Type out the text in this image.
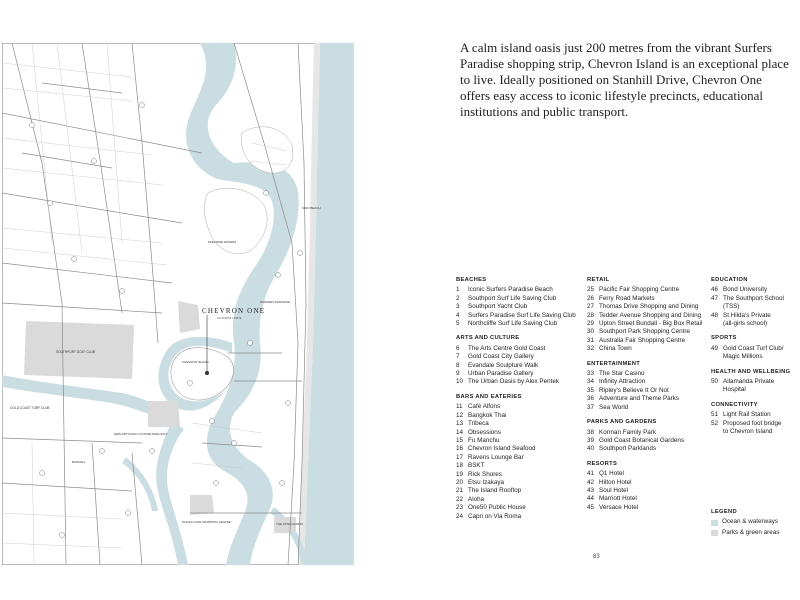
CHEVRON ONE
ON STANHILL DRIVE
SOUTHPORT GOLF CLUB
GOLD COAST TURF CLUB
NEW ARTS AND CULTURE PRECINCT
PACIFIC FAIR SHOPPING CENTRE	THE STAR CASINO
CHEVRON ISLAND
PARADISE WATERS
BUNDALL
SURFERS PARADISE
MAIN BEACH

A calm island oasis just 200 metres from the vibrant Surfers Paradise shopping strip, Chevron Island is an exceptional place to live. Ideally positioned on Stanhill Drive, Chevron One offers easy access to iconic lifestyle precincts, educational institutions and public transport.

BEACHES
1	Iconic Surfers Paradise Beach
2	Southport Surf Life Saving Club
3	Southport Yacht Club
4	Surfers Paradise Surf Life Saving Club
5	Northcliffe Surf Life Saving Club
ARTS AND CULTURE
6	The Arts Centre Gold Coast
7	Gold Coast City Gallery
8	Evandale Sculpture Walk
9	Urban Paradise Gallery
10 The Urban Oasis by Alex Pentek
BARS AND EATERIES
11 Café Alfons
12 Bangkok Thai
13 Tribeca
14 Obsessions
15 Fu Manchu
16 Chevron Island Seafood
17 Ravens Lounge Bar
18 BSKT
19 Rick Shores
20 Etsu Izakaya
21 The Island Rooftop
22 Aloha
23 One50 Public House
24 Capri on Via Roma
RETAIL
25 Pacific Fair Shopping Centre
26 Ferry Road Markets
27 Thomas Drive Shopping and Dining
28 Tedder Avenue Shopping and Dining
29 Upton Street Bundall - Big Box Retail
30 Southport Park Shopping Centre
31 Australia Fair Shopping Centre
32 China Town
ENTERTAINMENT
33 The Star Casino
34 Infinity Attraction
35 Ripley's Believe It Or Not
36 Adventure and Theme Parks
37 Sea World
PARKS AND GARDENS
38 Korman Family Park
39 Gold Coast Botanical Gardens
40 Southport Parklands
RESORTS
41 Q1 Hotel
42 Hilton Hotel
43 Soul Hotel
44 Marriott Hotel
45 Versace Hotel
EDUCATION
46 Bond University
47 The Southport School (TSS)
48 St Hilda's Private
(all-girls school)
SPORTS
49 Gold Coast Turf Club/
Magic Millions
HEALTH AND WELLBEING
50 Allamanda Private Hospital
CONNECTIVITY
51 Light Rail Station
52 Proposed foot bridge
to Chevron Island
LEGEND
Ocean & waterways
Parks & green areas
83
